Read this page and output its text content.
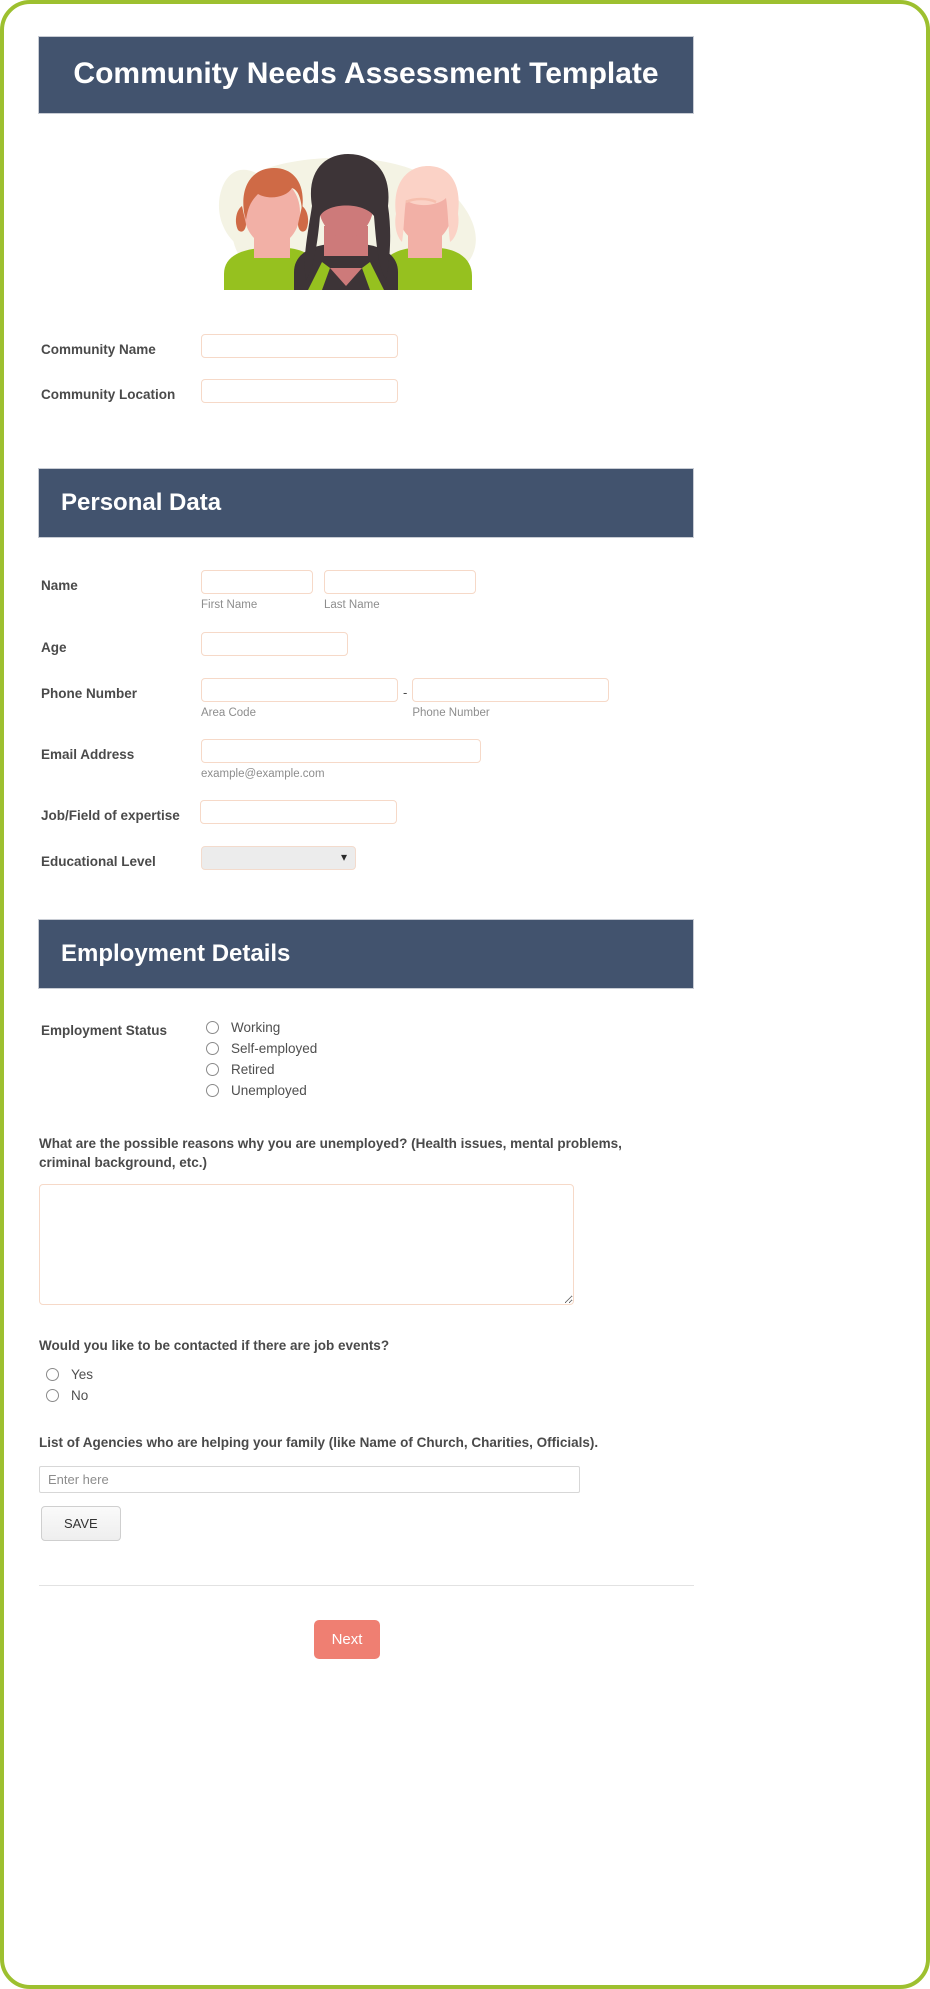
Community Needs Assessment Template
Community Name
Community Location
Personal Data
Name
First Name	Last Name
Age
Phone Number
Area Code
-
Phone Number
Email Address
example@example.com
Job/Field of expertise
Educational Level	▾
Employment Details
Employment Status	Working
Self-employed
Retired
Unemployed
What are the possible reasons why you are unemployed? (Health issues, mental problems, criminal background, etc.)
Would you like to be contacted if there are job events?
Yes
No
List of Agencies who are helping your family (like Name of Church, Charities, Officials).
Enter here
SAVE
Next
